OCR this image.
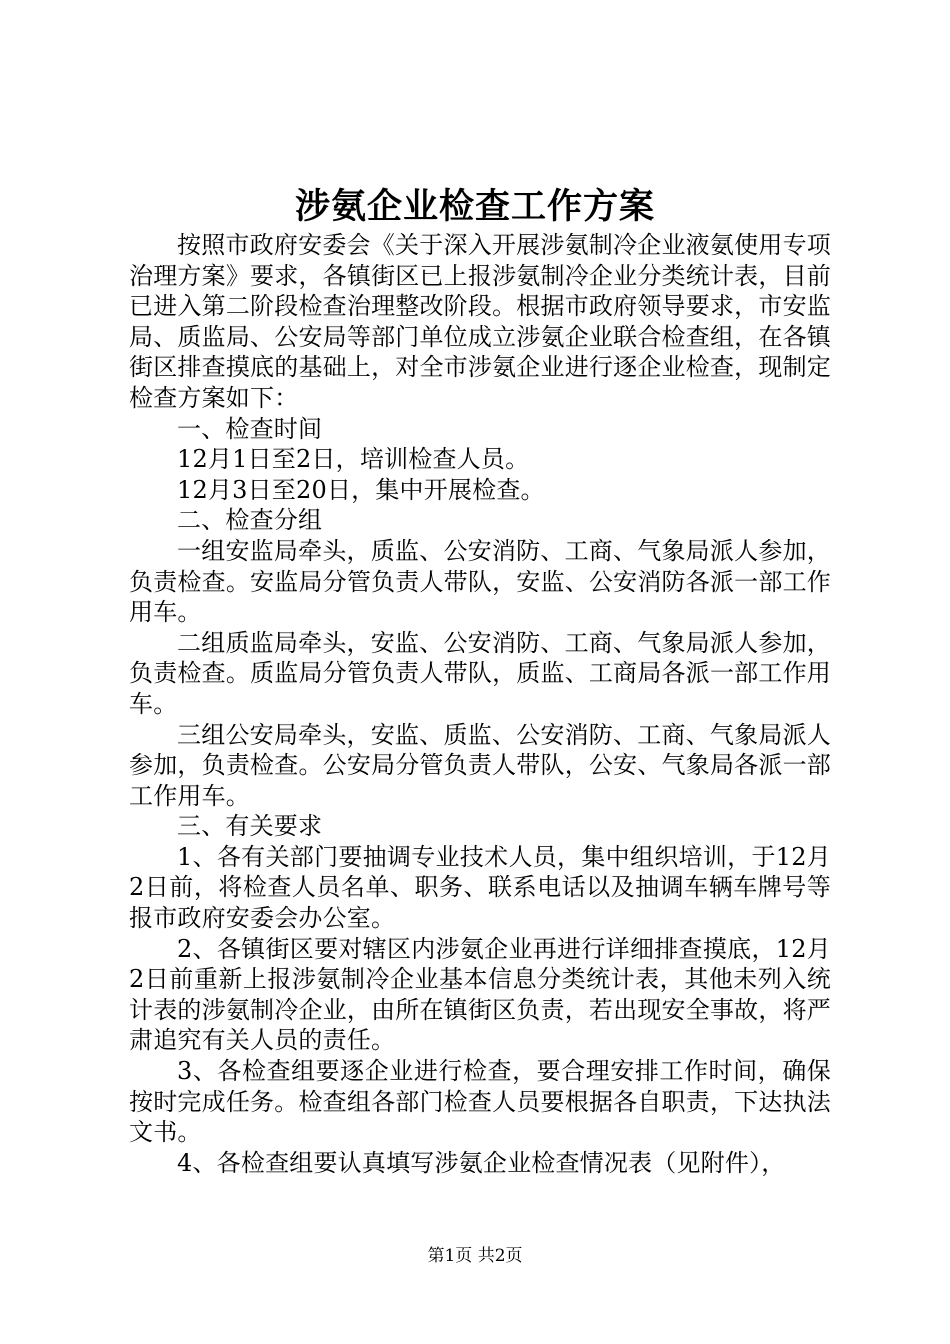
涉氨企业检查工作方案

按照市政府安委会《关于深入开展涉氨制冷企业液氨使用专项治理方案》要求，各镇街区已上报涉氨制冷企业分类统计表，目前已进入第二阶段检查治理整改阶段。根据市政府领导要求，市安监局、质监局、公安局等部门单位成立涉氨企业联合检查组，在各镇街区排查摸底的基础上，对全市涉氨企业进行逐企业检查，现制定检查方案如下：

一、检查时间

12月1日至2日，培训检查人员。

12月3日至20日，集中开展检查。

二、检查分组

一组安监局牵头，质监、公安消防、工商、气象局派人参加，负责检查。安监局分管负责人带队，安监、公安消防各派一部工作用车。

二组质监局牵头，安监、公安消防、工商、气象局派人参加，负责检查。质监局分管负责人带队，质监、工商局各派一部工作用车。

三组公安局牵头，安监、质监、公安消防、工商、气象局派人参加，负责检查。公安局分管负责人带队，公安、气象局各派一部工作用车。

三、有关要求

1、各有关部门要抽调专业技术人员，集中组织培训，于12月2日前，将检查人员名单、职务、联系电话以及抽调车辆车牌号等报市政府安委会办公室。

2、各镇街区要对辖区内涉氨企业再进行详细排查摸底，12月2日前重新上报涉氨制冷企业基本信息分类统计表，其他未列入统计表的涉氨制冷企业，由所在镇街区负责，若出现安全事故，将严肃追究有关人员的责任。

3、各检查组要逐企业进行检查，要合理安排工作时间，确保按时完成任务。检查组各部门检查人员要根据各自职责，下达执法文书。

4、各检查组要认真填写涉氨企业检查情况表（见附件），

第1页 共2页
